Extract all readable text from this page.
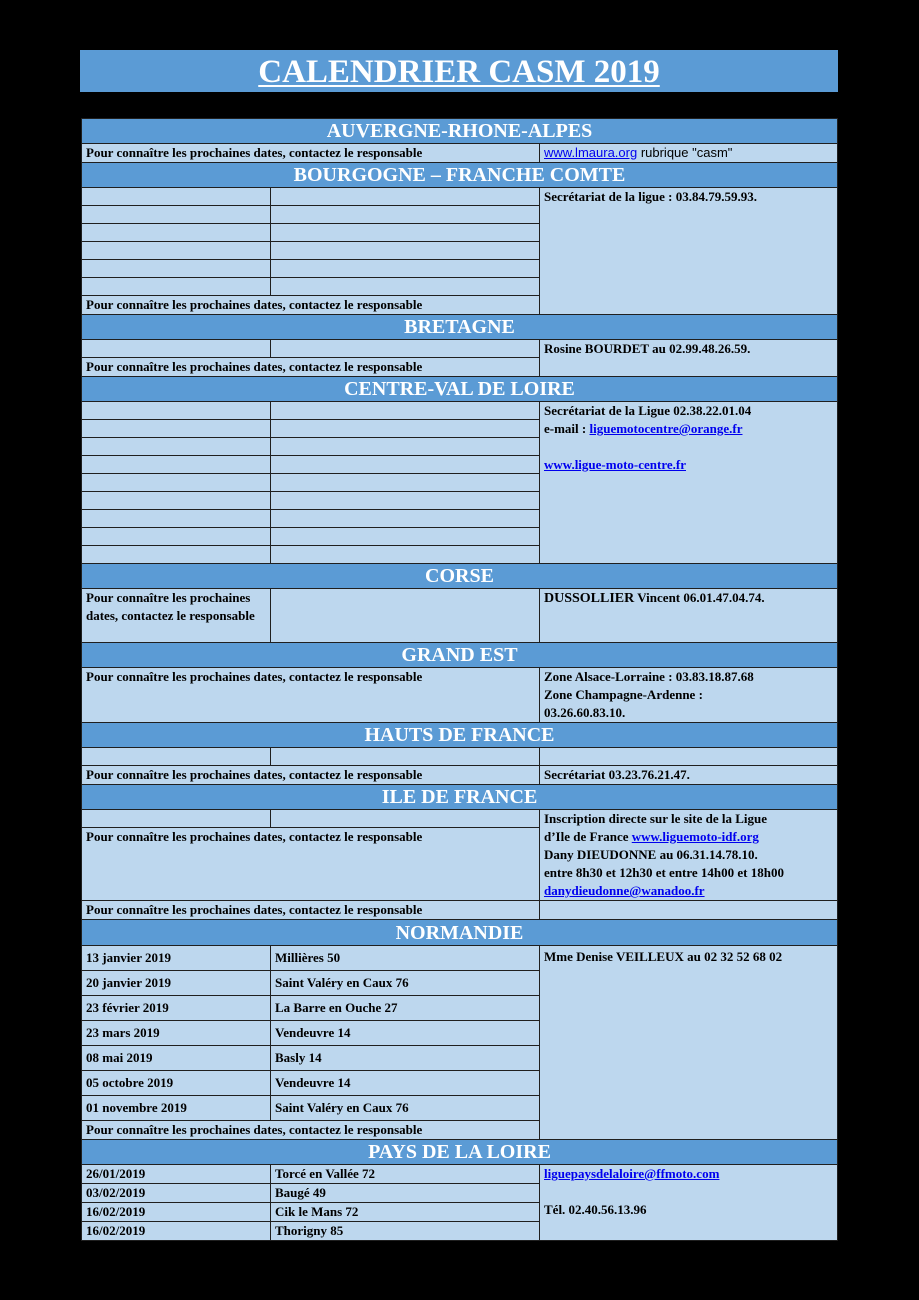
CALENDRIER CASM 2019
AUVERGNE-RHONE-ALPES		
Pour connaître les prochaines dates, contactez le responsable		www.lmaura.org rubrique "casm"
BOURGOGNE – FRANCHE COMTE		
		Secrétariat de la ligue : 03.84.79.59.93.

Pour connaître les prochaines dates, contactez le responsable		
BRETAGNE		
		Rosine BOURDET au 02.99.48.26.59.
Pour connaître les prochaines dates, contactez le responsable		
CENTRE-VAL DE LOIRE		

		Secrétariat de la Ligue 02.38.22.01.04
e-mail : liguemotocentre@orange.fr
www.ligue-moto-centre.fr

CORSE		
Pour connaître les prochaines dates, contactez le responsable		DUSSOLLIER Vincent 06.01.47.04.74.
GRAND EST		
Pour connaître les prochaines dates, contactez le responsable		Zone Alsace-Lorraine : 03.83.18.87.68
Zone Champagne-Ardenne :
03.26.60.83.10.

HAUTS DE FRANCE		

Pour connaître les prochaines dates, contactez le responsable		Secrétariat 03.23.76.21.47.
ILE DE FRANCE		

		Inscription directe sur le site de la Ligue
d’Ile de France www.liguemoto-idf.org
Dany DIEUDONNE au 06.31.14.78.10.
entre 8h30 et 12h30 et entre 14h00 et 18h00
danydieudonne@wanadoo.fr

Pour connaître les prochaines dates, contactez le responsable		
Pour connaître les prochaines dates, contactez le responsable		
NORMANDIE		
13 janvier 2019	Millières 50	Mme Denise VEILLEUX au 02 32 52 68 02
20 janvier 2019	Saint Valéry en Caux 76	
23 février 2019	La Barre en Ouche 27	
23 mars 2019	Vendeuvre 14	
08 mai 2019	Basly 14	
05 octobre 2019	Vendeuvre 14	
01 novembre 2019	Saint Valéry en Caux 76	
Pour connaître les prochaines dates, contactez le responsable		
PAYS DE LA LOIRE		
26/01/2019	Torcé en Vallée 72	liguepaysdelaloire@ffmoto.com
Tél. 02.40.56.13.96

03/02/2019	Baugé 49	
16/02/2019	Cik le Mans 72	
16/02/2019	Thorigny 85	
